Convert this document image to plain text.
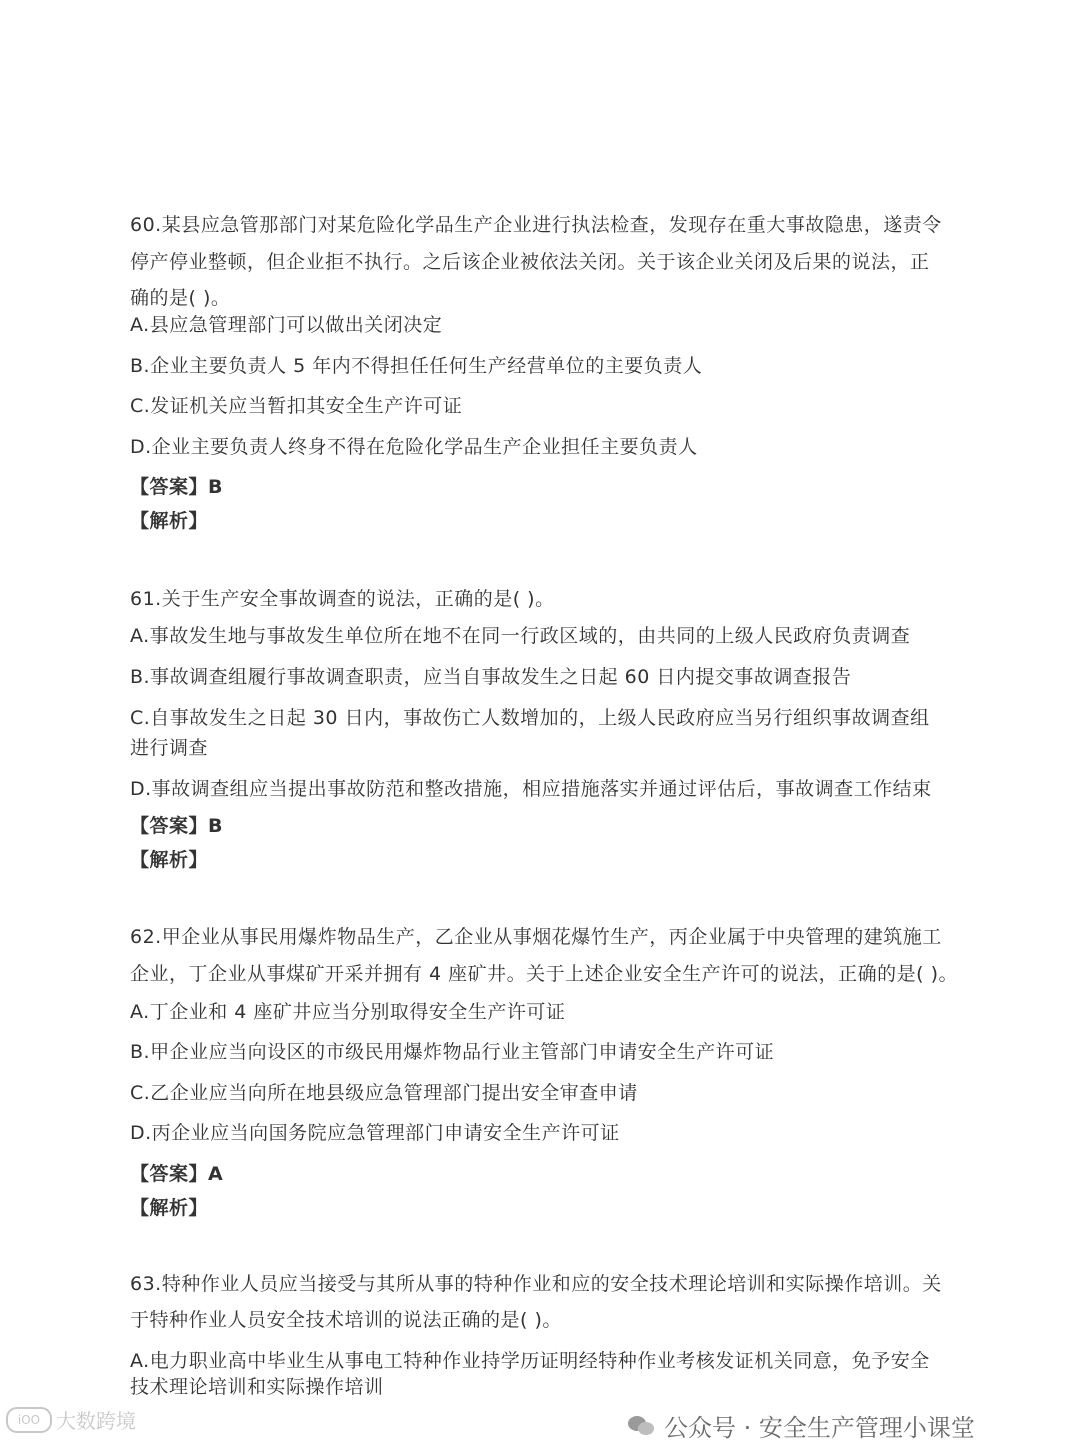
60.某县应急管那部门对某危险化学品生产企业进行执法检查，发现存在重大事故隐患，遂责令
停产停业整顿，但企业拒不执行。之后该企业被依法关闭。关于该企业关闭及后果的说法，正
确的是( )。
A.县应急管理部门可以做出关闭决定
B.企业主要负责人 5 年内不得担任任何生产经营单位的主要负责人
C.发证机关应当暂扣其安全生产许可证
D.企业主要负责人终身不得在危险化学品生产企业担任主要负责人
【答案】B
【解析】
61.关于生产安全事故调查的说法，正确的是( )。
A.事故发生地与事故发生单位所在地不在同一行政区域的，由共同的上级人民政府负责调查
B.事故调查组履行事故调查职责，应当自事故发生之日起 60 日内提交事故调查报告
C.自事故发生之日起 30 日内，事故伤亡人数增加的，上级人民政府应当另行组织事故调查组
进行调查
D.事故调查组应当提出事故防范和整改措施，相应措施落实并通过评估后，事故调查工作结束
【答案】B
【解析】
62.甲企业从事民用爆炸物品生产，乙企业从事烟花爆竹生产，丙企业属于中央管理的建筑施工
企业，丁企业从事煤矿开采并拥有 4 座矿井。关于上述企业安全生产许可的说法，正确的是( )。
A.丁企业和 4 座矿井应当分别取得安全生产许可证
B.甲企业应当向设区的市级民用爆炸物品行业主管部门申请安全生产许可证
C.乙企业应当向所在地县级应急管理部门提出安全审查申请
D.丙企业应当向国务院应急管理部门申请安全生产许可证
【答案】A
【解析】
63.特种作业人员应当接受与其所从事的特种作业和应的安全技术理论培训和实际操作培训。关
于特种作业人员安全技术培训的说法正确的是( )。
A.电力职业高中毕业生从事电工特种作业持学历证明经特种作业考核发证机关同意，免予安全
技术理论培训和实际操作培训
iOO 大数跨境	公众号 · 安全生产管理小课堂
